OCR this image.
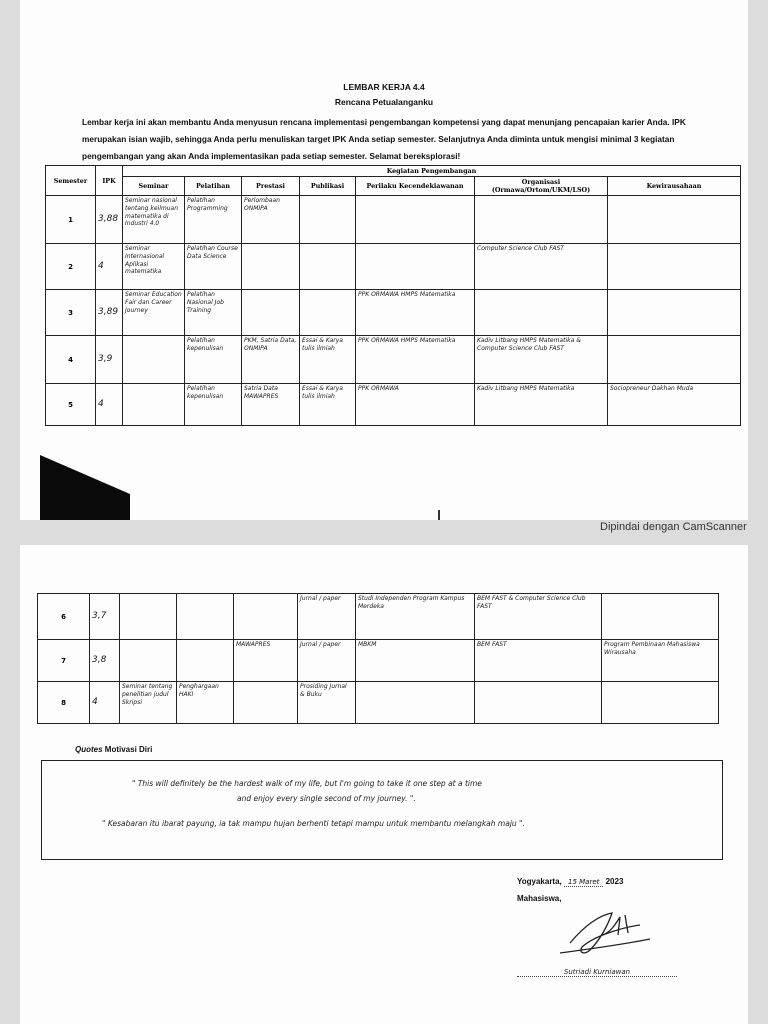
LEMBAR KERJA 4.4
Rencana Petualanganku
Lembar kerja ini akan membantu Anda menyusun rencana implementasi pengembangan kompetensi yang dapat menunjang pencapaian karier Anda. IPK merupakan isian wajib, sehingga Anda perlu menuliskan target IPK Anda setiap semester. Selanjutnya Anda diminta untuk mengisi minimal 3 kegiatan pengembangan yang akan Anda implementasikan pada setiap semester. Selamat bereksplorasi!
Semester	IPK	Kegiatan Pengembangan						
		Seminar	Pelatihan	Prestasi	Publikasi	Perilaku Kecendekiawanan	Organisasi (Ormawa/Ortom/UKM/LSO)	Kewirausahaan
1	3,88	Seminar nasional tentang keilmuan matematika di Industri 4.0	Pelatihan Programming	Perlombaan ONMIPA				
2	4	Seminar Internasional Aplikasi matematika	Pelatihan Course Data Science				Computer Science Club FAST	
3	3,89	Seminar Education Fair dan Career Journey	Pelatihan Nasional Job Training			PPK ORMAWA HMPS Matematika		
4	3,9		Pelatihan kepenulisan	PKM, Satria Data, ONMIPA	Essai & Karya tulis ilmiah	PPK ORMAWA HMPS Matematika	Kadiv Litbang HMPS Matematika & Computer Science Club FAST	
5	4		Pelatihan kepenulisan	Satria Data MAWAPRES	Essai & Karya tulis ilmiah	PPK ORMAWA	Kadiv Litbang HMPS Matematika	Sociopreneur Dakhan Muda
Dipindai dengan CamScanner
6	3,7				Jurnal / paper	Studi Independen Program Kampus Merdeka	BEM FAST & Computer Science Club FAST	
7	3,8			MAWAPRES	Jurnal / paper	MBKM	BEM FAST	Program Pembinaan Mahasiswa Wirausaha
8	4	Seminar tentang penelitian judul Skripsi	Penghargaan HAKI		Prosiding Jurnal & Buku			
Quotes Motivasi Diri
" This will definitely be the hardest walk of my life, but I'm going to take it one step at a time
and enjoy every single second of my journey. ".
" Kesabaran itu ibarat payung, ia tak mampu hujan berhenti tetapi mampu untuk membantu melangkah maju ".
Yogyakarta, 15 Maret 2023
Mahasiswa,
Sutriadi Kurniawan
